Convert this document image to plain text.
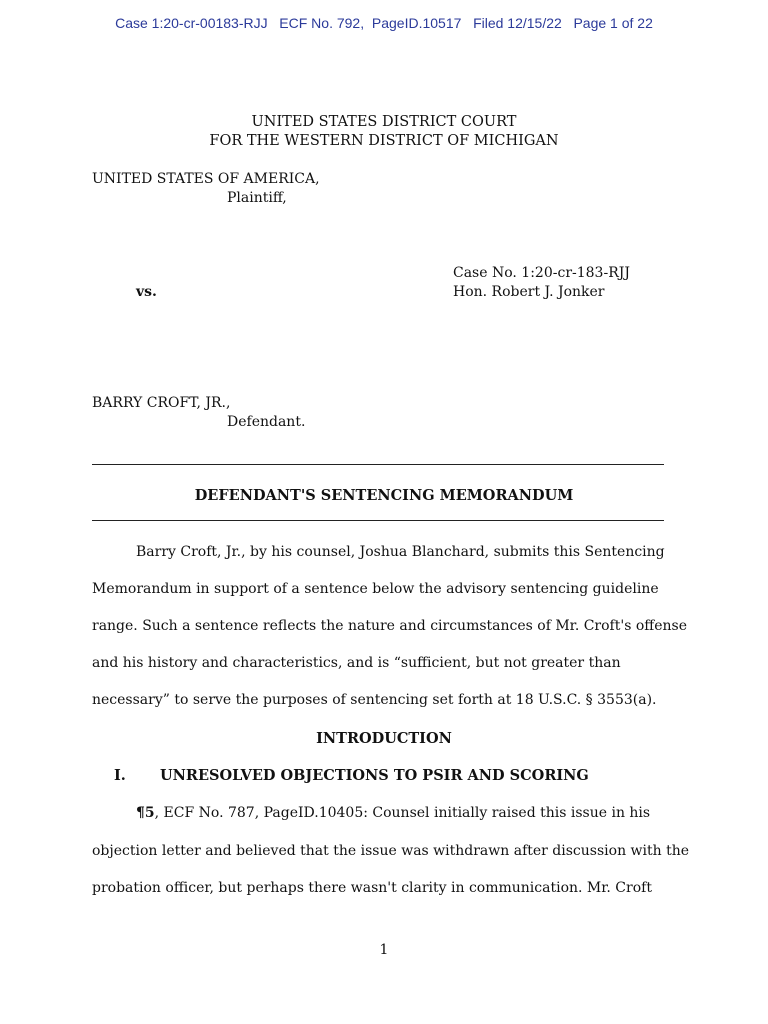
Case 1:20-cr-00183-RJJ   ECF No. 792,  PageID.10517   Filed 12/15/22   Page 1 of 22
UNITED STATES DISTRICT COURT
FOR THE WESTERN DISTRICT OF MICHIGAN
UNITED STATES OF AMERICA,
Plaintiff,
Case No. 1:20-cr-183-RJJ
vs.	Hon. Robert J. Jonker
BARRY CROFT, JR.,
Defendant.
DEFENDANT'S SENTENCING MEMORANDUM
Barry Croft, Jr., by his counsel, Joshua Blanchard, submits this Sentencing
Memorandum in support of a sentence below the advisory sentencing guideline
range. Such a sentence reflects the nature and circumstances of Mr. Croft's offense
and his history and characteristics, and is “sufficient, but not greater than
necessary” to serve the purposes of sentencing set forth at 18 U.S.C. § 3553(a).
INTRODUCTION
I. UNRESOLVED OBJECTIONS TO PSIR AND SCORING
¶5, ECF No. 787, PageID.10405: Counsel initially raised this issue in his
objection letter and believed that the issue was withdrawn after discussion with the
probation officer, but perhaps there wasn't clarity in communication. Mr. Croft
1
